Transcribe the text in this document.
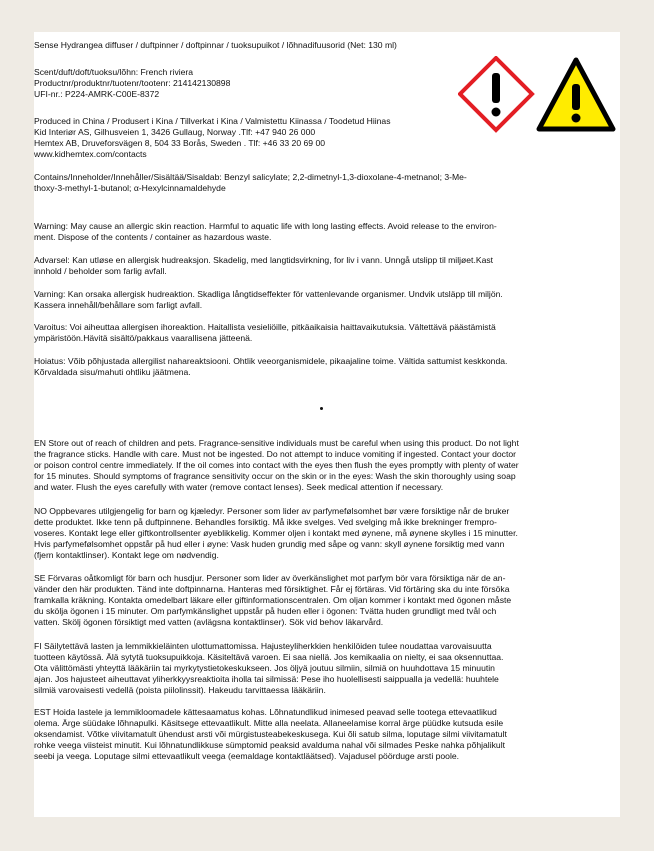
Sense Hydrangea diffuser / duftpinner / doftpinnar / tuoksupuikot / lõhnadifuusorid (Net: 130 ml)

Scent/duft/doft/tuoksu/lõhn: French riviera
Productnr/produktnr/tuotenr/tootenr: 214142130898
UFI-nr.: P224-AMRK-C00E-8372

Produced in China / Produsert i Kina / Tillverkat i Kina / Valmistettu Kiinassa / Toodetud Hiinas
Kid Interiør AS, Gilhusveien 1, 3426 Gullaug, Norway .Tlf: +47 940 26 000
Hemtex AB, Druveforsvägen 8, 504 33 Borås, Sweden . Tlf: +46 33 20 69 00
www.kidhemtex.com/contacts

Contains/Inneholder/Innehåller/Sisältää/Sisaldab: Benzyl salicylate; 2,2-dimetnyl-1,3-dioxolane-4-metnanol; 3-Me-
thoxy-3-methyl-1-butanol; α-Hexylcinnamaldehyde

Warning: May cause an allergic skin reaction. Harmful to aquatic life with long lasting effects. Avoid release to the environ-
ment. Dispose of the contents / container as hazardous waste.

Advarsel: Kan utløse en allergisk hudreaksjon. Skadelig, med langtidsvirkning, for liv i vann. Unngå utslipp til miljøet.Kast
innhold / beholder som farlig avfall.

Varning: Kan orsaka allergisk hudreaktion. Skadliga långtidseffekter för vattenlevande organismer. Undvik utsläpp till miljön.
Kassera innehåll/behållare som farligt avfall.

Varoitus: Voi aiheuttaa allergisen ihoreaktion. Haitallista vesieliöille, pitkäaikaisia haittavaikutuksia. Vältettävä päästämistä
ympäristöön.Hävitä sisältö/pakkaus vaarallisena jätteenä.

Hoiatus: Võib põhjustada allergilist nahareaktsiooni. Ohtlik veeorganismidele, pikaajaline toime. Vältida sattumist keskkonda.
Kõrvaldada sisu/mahuti ohtliku jäätmena.

EN Store out of reach of children and pets. Fragrance-sensitive individuals must be careful when using this product. Do not light
the fragrance sticks. Handle with care. Must not be ingested. Do not attempt to induce vomiting if ingested. Contact your doctor
or poison control centre immediately. If the oil comes into contact with the eyes then flush the eyes promptly with plenty of water
for 15 minutes. Should symptoms of fragrance sensitivity occur on the skin or in the eyes: Wash the skin thoroughly using soap
and water. Flush the eyes carefully with water (remove contact lenses). Seek medical attention if necessary.

NO Oppbevares utilgjengelig for barn og kjæledyr. Personer som lider av parfymefølsomhet bør være forsiktige når de bruker
dette produktet. Ikke tenn på duftpinnene. Behandles forsiktig. Må ikke svelges. Ved svelging må ikke brekninger frempro-
voseres. Kontakt lege eller giftkontrollsenter øyeblikkelig. Kommer oljen i kontakt med øynene, må øynene skylles i 15 minutter.
Hvis parfymefølsomhet oppstår på hud eller i øyne: Vask huden grundig med såpe og vann: skyll øynene forsiktig med vann
(fjern kontaktlinser). Kontakt lege om nødvendig.

SE Förvaras oåtkomligt för barn och husdjur. Personer som lider av överkänslighet mot parfym bör vara försiktiga när de an-
vänder den här produkten. Tänd inte doftpinnarna. Hanteras med försiktighet. Får ej förtäras. Vid förtäring ska du inte försöka
framkalla kräkning. Kontakta omedelbart läkare eller giftinformationscentralen. Om oljan kommer i kontakt med ögonen måste
du skölja ögonen i 15 minuter. Om parfymkänslighet uppstår på huden eller i ögonen: Tvätta huden grundligt med tvål och
vatten. Skölj ögonen försiktigt med vatten (avlägsna kontaktlinser). Sök vid behov läkarvård.

FI Säilytettävä lasten ja lemmikkieläinten ulottumattomissa. Hajusteyliherkkien henkilöiden tulee noudattaa varovaisuutta
tuotteen käytössä. Älä sytytä tuoksupuikkoja. Käsiteltävä varoen. Ei saa niellä. Jos kemikaalia on nielty, ei saa oksennuttaa.
Ota välittömästi yhteyttä lääkäriin tai myrkytystietokeskukseen. Jos öljyä joutuu silmiin, silmiä on huuhdottava 15 minuutin
ajan. Jos hajusteet aiheuttavat yliherkkyysreaktioita iholla tai silmissä: Pese iho huolellisesti saippualla ja vedellä: huuhtele
silmiä varovaisesti vedellä (poista piilolinssit). Hakeudu tarvittaessa lääkäriin.

EST Hoida lastele ja lemmikloomadele kättesaamatus kohas. Lõhnatundlikud inimesed peavad selle tootega ettevaatlikud
olema. Ärge süüdake lõhnapulki. Käsitsege ettevaatlikult. Mitte alla neelata. Allaneelamise korral ärge püüdke kutsuda esile
oksendamist. Võtke viivitamatult ühendust arsti või mürgistusteabekeskusega. Kui õli satub silma, loputage silmi viivitamatult
rohke veega viisteist minutit. Kui lõhnatundlikkuse sümptomid peaksid avalduma nahal või silmades Peske nahka põhjalikult
seebi ja veega. Loputage silmi ettevaatlikult veega (eemaldage kontaktläätsed). Vajadusel pöörduge arsti poole.
